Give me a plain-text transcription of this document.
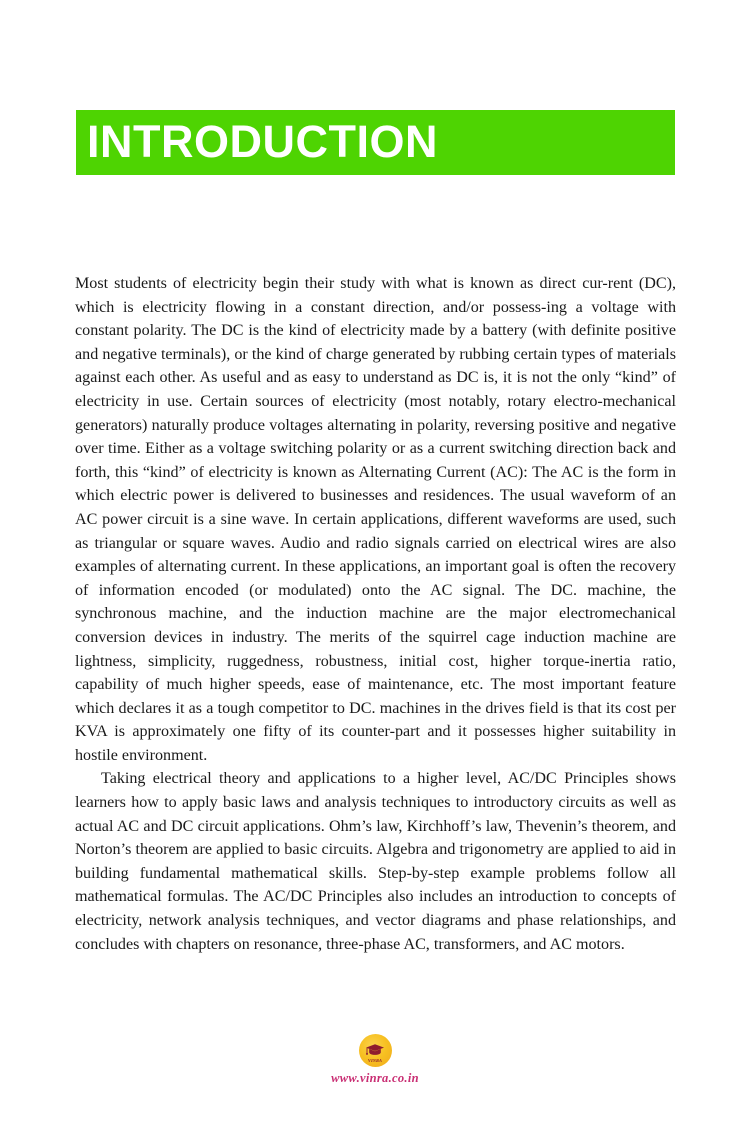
INTRODUCTION

Most students of electricity begin their study with what is known as direct cur-rent (DC), which is electricity flowing in a constant direction, and/or possess-ing a voltage with constant polarity. The DC is the kind of electricity made by a battery (with definite positive and negative terminals), or the kind of charge generated by rubbing certain types of materials against each other. As useful and as easy to understand as DC is, it is not the only “kind” of electricity in use. Certain sources of electricity (most notably, rotary electro-mechanical generators) naturally produce voltages alternating in polarity, reversing positive and negative over time. Either as a voltage switching polarity or as a current switching direction back and forth, this “kind” of electricity is known as Alternating Current (AC): The AC is the form in which electric power is delivered to businesses and residences. The usual waveform of an AC power circuit is a sine wave. In certain applications, different waveforms are used, such as triangular or square waves. Audio and radio signals carried on electrical wires are also examples of alternating current. In these applications, an important goal is often the recovery of information encoded (or modulated) onto the AC signal. The DC. machine, the synchronous machine, and the induction machine are the major electromechanical conversion devices in industry. The merits of the squirrel cage induction machine are lightness, simplicity, ruggedness, robustness, initial cost, higher torque-inertia ratio, capability of much higher speeds, ease of maintenance, etc. The most important feature which declares it as a tough competitor to DC. machines in the drives field is that its cost per KVA is approximately one fifty of its counter-part and it possesses higher suitability in hostile environment.

Taking electrical theory and applications to a higher level, AC/DC Principles shows learners how to apply basic laws and analysis techniques to introductory circuits as well as actual AC and DC circuit applications. Ohm’s law, Kirchhoff’s law, Thevenin’s theorem, and Norton’s theorem are applied to basic circuits. Algebra and trigonometry are applied to aid in building fundamental mathematical skills. Step-by-step example problems follow all mathematical formulas. The AC/DC Principles also includes an introduction to concepts of electricity, network analysis techniques, and vector diagrams and phase relationships, and concludes with chapters on resonance, three-phase AC, transformers, and AC motors.

VINRA
www.vinra.co.in
